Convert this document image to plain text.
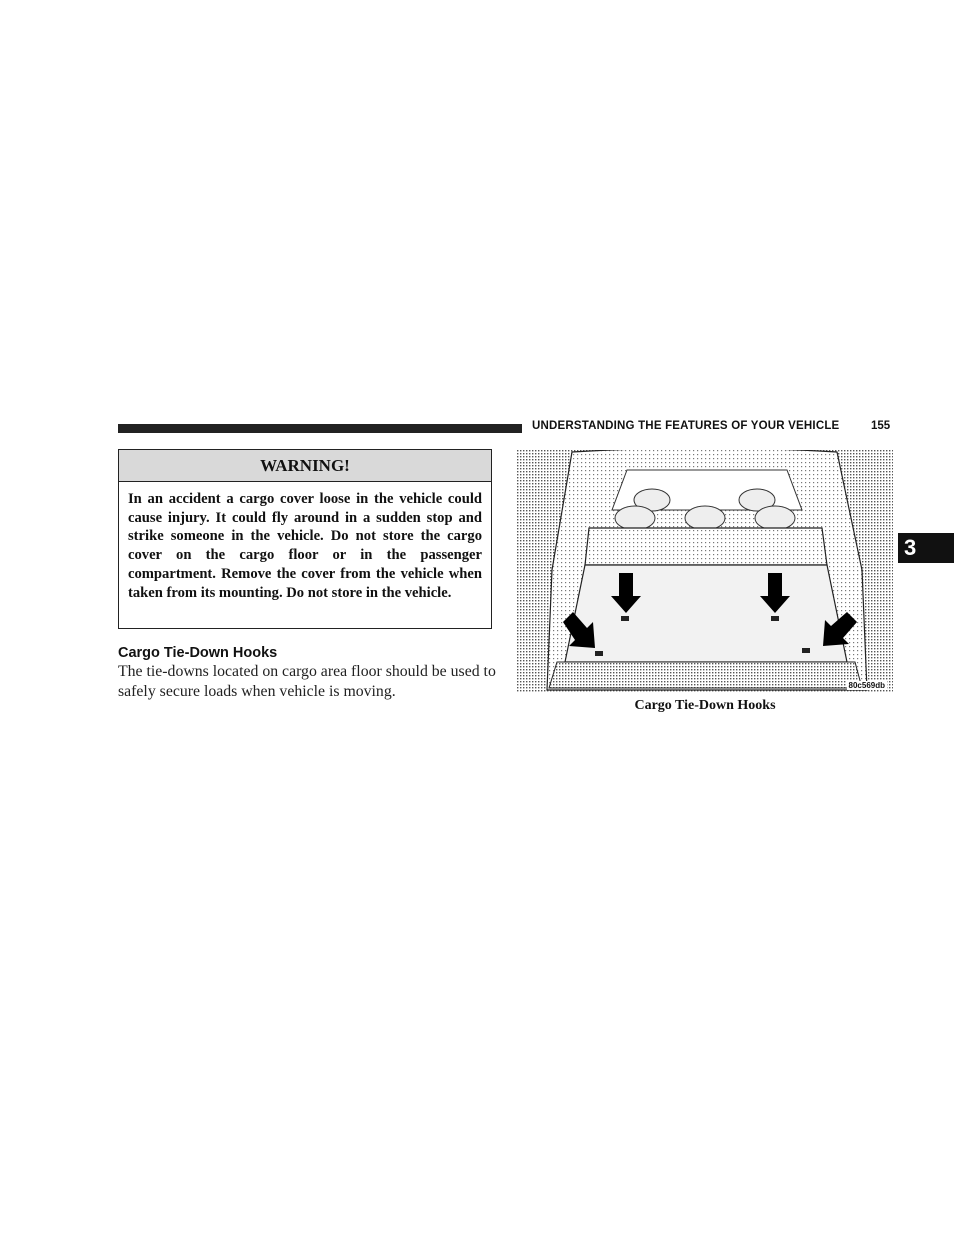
UNDERSTANDING THE FEATURES OF YOUR VEHICLE	155
3
WARNING!
In an accident a cargo cover loose in the vehicle could cause injury. It could fly around in a sudden stop and strike someone in the vehicle. Do not store the cargo cover on the cargo floor or in the passenger compartment. Remove the cover from the vehicle when taken from its mounting. Do not store in the vehicle.
Cargo Tie-Down Hooks
The tie-downs located on cargo area floor should be used to safely secure loads when vehicle is moving.	80c569db
Cargo Tie-Down Hooks
